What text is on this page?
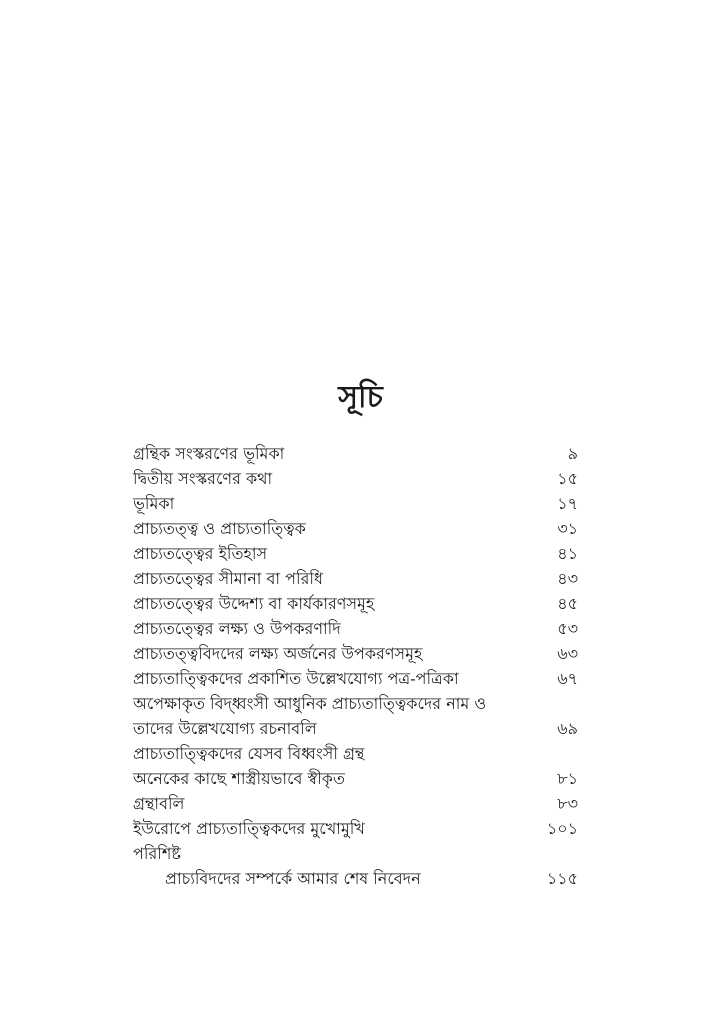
সূচি
গ্রন্থিক সংস্করণের ভূমিকা	৯
দ্বিতীয় সংস্করণের কথা	১৫
ভূমিকা	১৭
প্রাচ্যতত্ত্ব ও প্রাচ্যতাত্ত্বিক	৩১
প্রাচ্যতত্ত্বের ইতিহাস	৪১
প্রাচ্যতত্ত্বের সীমানা বা পরিধি	৪৩
প্রাচ্যতত্ত্বের উদ্দেশ্য বা কার্যকারণসমূহ	৪৫
প্রাচ্যতত্ত্বের লক্ষ্য ও উপকরণাদি	৫৩
প্রাচ্যতত্ত্ববিদদের লক্ষ্য অর্জনের উপকরণসমূহ	৬৩
প্রাচ্যতাত্ত্বিকদের প্রকাশিত উল্লেখযোগ্য পত্র-পত্রিকা	৬৭
অপেক্ষাকৃত বিদ্ধ্বংসী আধুনিক প্রাচ্যতাত্ত্বিকদের নাম ও
তাদের উল্লেখযোগ্য রচনাবলি	৬৯
প্রাচ্যতাত্ত্বিকদের যেসব বিধ্বংসী গ্রন্থ
অনেকের কাছে শাস্ত্রীয়ভাবে স্বীকৃত	৮১
গ্রন্থাবলি	৮৩
ইউরোপে প্রাচ্যতাত্ত্বিকদের মুখোমুখি	১০১
পরিশিষ্ট
প্রাচ্যবিদদের সম্পর্কে আমার শেষ নিবেদন	১১৫
